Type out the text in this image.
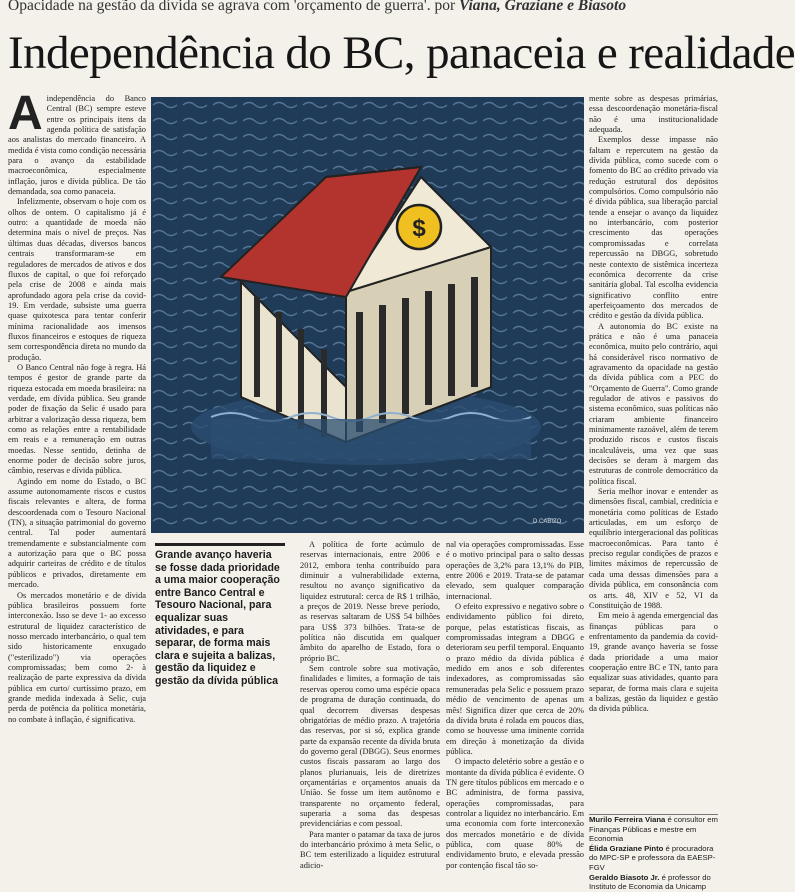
Opacidade na gestão da dívida se agrava com 'orçamento de guerra'. por Viana, Graziane e Biasoto
Independência do BC, panaceia e realidade

Aindependência do Banco Central (BC) sempre esteve entre os principais itens da agenda política de satisfação aos analistas do mercado financeiro. A medida é vista como condição necessária para o avanço da estabilidade macroeconômica, especialmente inflação, juros e dívida pública. De tão demandada, soa como panaceia.

Infelizmente, observam o hoje com os olhos de ontem. O capitalismo já é outro: a quantidade de moeda não determina mais o nível de preços. Nas últimas duas décadas, diversos bancos centrais transformaram-se em reguladores de mercados de ativos e dos fluxos de capital, o que foi reforçado pela crise de 2008 e ainda mais aprofundado agora pela crise da covid-19. Em verdade, subsiste uma guerra quase quixotesca para tentar conferir mínima racionalidade aos imensos fluxos financeiros e estoques de riqueza sem correspondência direta no mundo da produção.

O Banco Central não foge à regra. Há tempos é gestor de grande parte da riqueza estocada em moeda brasileira: na verdade, em dívida pública. Seu grande poder de fixação da Selic é usado para arbitrar a valorização dessa riqueza, bem como as relações entre a rentabilidade em reais e a remuneração em outras moedas. Nesse sentido, detinha de enorme poder de decisão sobre juros, câmbio, reservas e dívida pública.

Agindo em nome do Estado, o BC assume autonomamente riscos e custos fiscais relevantes e altera, de forma descoordenada com o Tesouro Nacional (TN), a situação patrimonial do governo central. Tal poder aumentará tremendamente e substancialmente com a autorização para que o BC possa adquirir carteiras de crédito e de títulos públicos e privados, diretamente em mercado.

Os mercados monetário e de dívida pública brasileiros possuem forte interconexão. Isso se deve 1- ao excesso estrutural de liquidez característico de nosso mercado interbancário, o qual tem sido historicamente enxugado ("esterilizado") via operações compromissadas; bem como 2- à realização de parte expressiva da dívida pública em curto/ curtíssimo prazo, em grande medida indexada à Selic, cuja perda de potência da política monetária, no combate à inflação, é significativa.

$
D.CABIZO
Grande avanço haveria se fosse dada prioridade a uma maior cooperação entre Banco Central e Tesouro Nacional, para equalizar suas atividades, e para separar, de forma mais clara e sujeita a balizas, gestão da liquidez e gestão da dívida pública

A política de forte acúmulo de reservas internacionais, entre 2006 e 2012, embora tenha contribuído para diminuir a vulnerabilidade externa, resultou no avanço significativo da liquidez estrutural: cerca de R$ 1 trilhão, a preços de 2019. Nesse breve período, as reservas saltaram de US$ 54 bilhões para US$ 373 bilhões. Trata-se de política não discutida em qualquer âmbito do aparelho de Estado, fora o próprio BC.

Sem controle sobre sua motivação, finalidades e limites, a formação de tais reservas operou como uma espécie opaca de programa de duração continuada, do qual decorrem diversas despesas obrigatórias de médio prazo. A trajetória das reservas, por si só, explica grande parte da expansão recente da dívida bruta do governo geral (DBGG). Seus enormes custos fiscais passaram ao largo dos planos plurianuais, leis de diretrizes orçamentárias e orçamentos anuais da União. Se fosse um item autônomo e transparente no orçamento federal, superaria a soma das despesas previdenciárias e com pessoal.

Para manter o patamar da taxa de juros do interbancário próximo à meta Selic, o BC tem esterilizado a liquidez estrutural adicio-

nal via operações compromissadas. Esse é o motivo principal para o salto dessas operações de 3,2% para 13,1% do PIB, entre 2006 e 2019. Trata-se de patamar elevado, sem qualquer comparação internacional.

O efeito expressivo e negativo sobre o endividamento público foi direto, porque, pelas estatísticas fiscais, as compromissadas integram a DBGG e deterioram seu perfil temporal. Enquanto o prazo médio da dívida pública é medido em anos e sob diferentes indexadores, as compromissadas são remuneradas pela Selic e possuem prazo médio de vencimento de apenas um mês! Significa dizer que cerca de 20% da dívida bruta é rolada em poucos dias, como se houvesse uma iminente corrida em direção à monetização da dívida pública.

O impacto deletério sobre a gestão e o montante da dívida pública é evidente. O TN gere títulos públicos em mercado e o BC administra, de forma passiva, operações compromissadas, para controlar a liquidez no interbancário. Em uma economia com forte interconexão dos mercados monetário e de dívida pública, com quase 80% de endividamento bruto, e elevada pressão por contenção fiscal tão so-

mente sobre as despesas primárias, essa descoordenação monetária-fiscal não é uma institucionalidade adequada.

Exemplos desse impasse não faltam e repercutem na gestão da dívida pública, como sucede com o fomento do BC ao crédito privado via redução estrutural dos depósitos compulsórios. Como compulsório não é dívida pública, sua liberação parcial tende a ensejar o avanço da liquidez no interbancário, com posterior crescimento das operações compromissadas e correlata repercussão na DBGG, sobretudo neste contexto de sistêmica incerteza econômica decorrente da crise sanitária global. Tal escolha evidencia significativo conflito entre aperfeiçoamento dos mercados de crédito e gestão da dívida pública.

A autonomia do BC existe na prática e não é uma panaceia econômica, muito pelo contrário, aqui há considerável risco normativo de agravamento da opacidade na gestão da dívida pública com a PEC do "Orçamento de Guerra". Como grande regulador de ativos e passivos do sistema econômico, suas políticas não criaram ambiente financeiro minimamente razoável, além de terem produzido riscos e custos fiscais incalculáveis, uma vez que suas decisões se deram à margem das estruturas de controle democrático da política fiscal.

Seria melhor inovar e entender as dimensões fiscal, cambial, creditícia e monetária como políticas de Estado articuladas, em um esforço de equilíbrio intergeracional das políticas macroeconômicas. Para tanto é preciso regular condições de prazos e limites máximos de repercussão de cada uma dessas dimensões para a dívida pública, em consonância com os arts. 48, XIV e 52, VI da Constituição de 1988.

Em meio à agenda emergencial das finanças públicas para o enfrentamento da pandemia da covid-19, grande avanço haveria se fosse dada prioridade a uma maior cooperação entre BC e TN, tanto para equalizar suas atividades, quanto para separar, de forma mais clara e sujeita a balizas, gestão da liquidez e gestão da dívida pública.

Murilo Ferreira Viana é consultor em Finanças Públicas e mestre em Economia
Élida Graziane Pinto é procuradora do MPC-SP e professora da EAESP-FGV
Geraldo Biasoto Jr. é professor do Instituto de Economia da Unicamp
